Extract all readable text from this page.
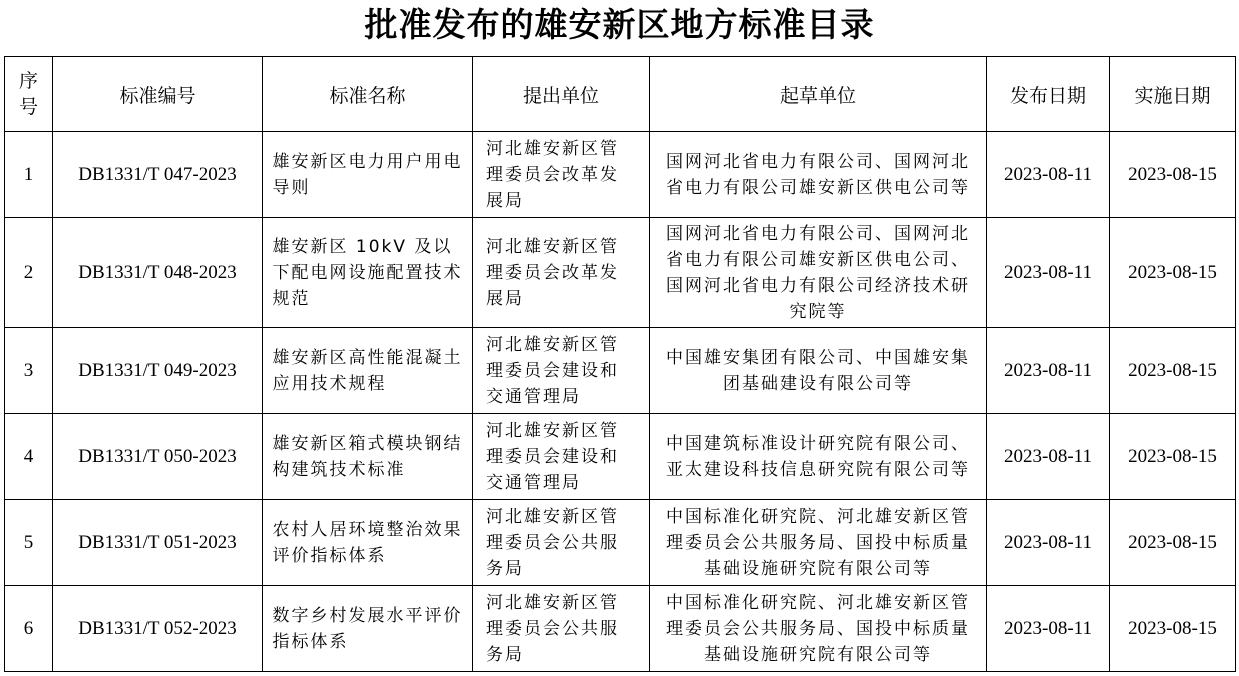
批准发布的雄安新区地方标准目录
序号	标准编号	标准名称	提出单位	起草单位	发布日期	实施日期
1	DB1331/T 047-2023	雄安新区电力用户用电导则	河北雄安新区管理委员会改革发展局	国网河北省电力有限公司、国网河北省电力有限公司雄安新区供电公司等	2023-08-11	2023-08-15
2	DB1331/T 048-2023	雄安新区 10kV 及以下配电网设施配置技术规范	河北雄安新区管理委员会改革发展局	国网河北省电力有限公司、国网河北省电力有限公司雄安新区供电公司、国网河北省电力有限公司经济技术研究院等	2023-08-11	2023-08-15
3	DB1331/T 049-2023	雄安新区高性能混凝土应用技术规程	河北雄安新区管理委员会建设和交通管理局	中国雄安集团有限公司、中国雄安集团基础建设有限公司等	2023-08-11	2023-08-15
4	DB1331/T 050-2023	雄安新区箱式模块钢结构建筑技术标准	河北雄安新区管理委员会建设和交通管理局	中国建筑标准设计研究院有限公司、亚太建设科技信息研究院有限公司等	2023-08-11	2023-08-15
5	DB1331/T 051-2023	农村人居环境整治效果评价指标体系	河北雄安新区管理委员会公共服务局	中国标准化研究院、河北雄安新区管理委员会公共服务局、国投中标质量基础设施研究院有限公司等	2023-08-11	2023-08-15
6	DB1331/T 052-2023	数字乡村发展水平评价指标体系	河北雄安新区管理委员会公共服务局	中国标准化研究院、河北雄安新区管理委员会公共服务局、国投中标质量基础设施研究院有限公司等	2023-08-11	2023-08-15
